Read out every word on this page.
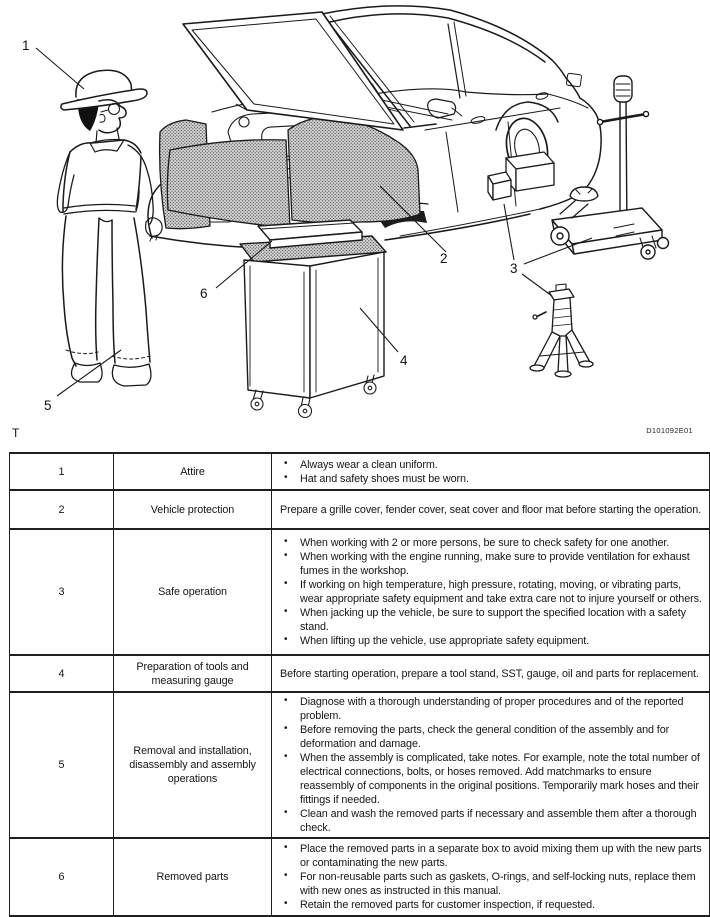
1
2
3
4
5
6
T	D101092E01
1	Attire	• Always wear a clean uniform.
• Hat and safety shoes must be worn.

2	Vehicle protection	Prepare a grille cover, fender cover, seat cover and floor mat before starting the operation.

3	Safe operation	• When working with 2 or more persons, be sure to check safety for one another.
• When working with the engine running, make sure to provide ventilation for exhaust fumes in the workshop.
• If working on high temperature, high pressure, rotating, moving, or vibrating parts, wear appropriate safety equipment and take extra care not to injure yourself or others.
• When jacking up the vehicle, be sure to support the specified location with a safety stand.
• When lifting up the vehicle, use appropriate safety equipment.

4	Preparation of tools and measuring gauge	Before starting operation, prepare a tool stand, SST, gauge, oil and parts for replacement.

5	Removal and installation, disassembly and assembly operations	• Diagnose with a thorough understanding of proper procedures and of the reported problem.
• Before removing the parts, check the general condition of the assembly and for deformation and damage.
• When the assembly is complicated, take notes. For example, note the total number of electrical connections, bolts, or hoses removed. Add matchmarks to ensure reassembly of components in the original positions. Temporarily mark hoses and their fittings if needed.
• Clean and wash the removed parts if necessary and assemble them after a thorough check.

6	Removed parts	• Place the removed parts in a separate box to avoid mixing them up with the new parts or contaminating the new parts.
• For non-reusable parts such as gaskets, O-rings, and self-locking nuts, replace them with new ones as instructed in this manual.
• Retain the removed parts for customer inspection, if requested.
